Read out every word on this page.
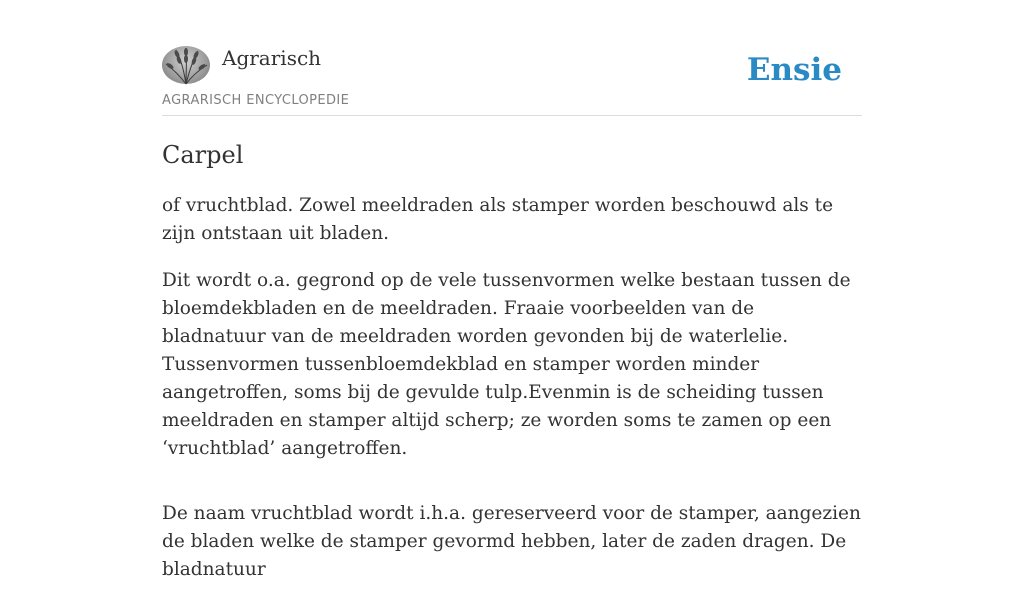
Agrarisch
AGRARISCH ENCYCLOPEDIE
Ensie
Carpel

of vruchtblad. Zowel meeldraden als stamper worden beschouwd als te zijn ontstaan uit bladen.

Dit wordt o.a. gegrond op de vele tussenvormen welke bestaan tussen de bloemdekbladen en de meeldraden. Fraaie voorbeelden van de bladnatuur van de meeldraden worden gevonden bij de waterlelie. Tussenvormen tussenbloemdekblad en stamper worden minder aangetroffen, soms bij de gevulde tulp.Evenmin is de scheiding tussen meeldraden en stamper altijd scherp; ze worden soms te zamen op een ‘vruchtblad’ aangetroffen.

De naam vruchtblad wordt i.h.a. gereserveerd voor de stamper, aangezien de bladen welke de stamper gevormd hebben, later de zaden dragen. De bladnatuur
